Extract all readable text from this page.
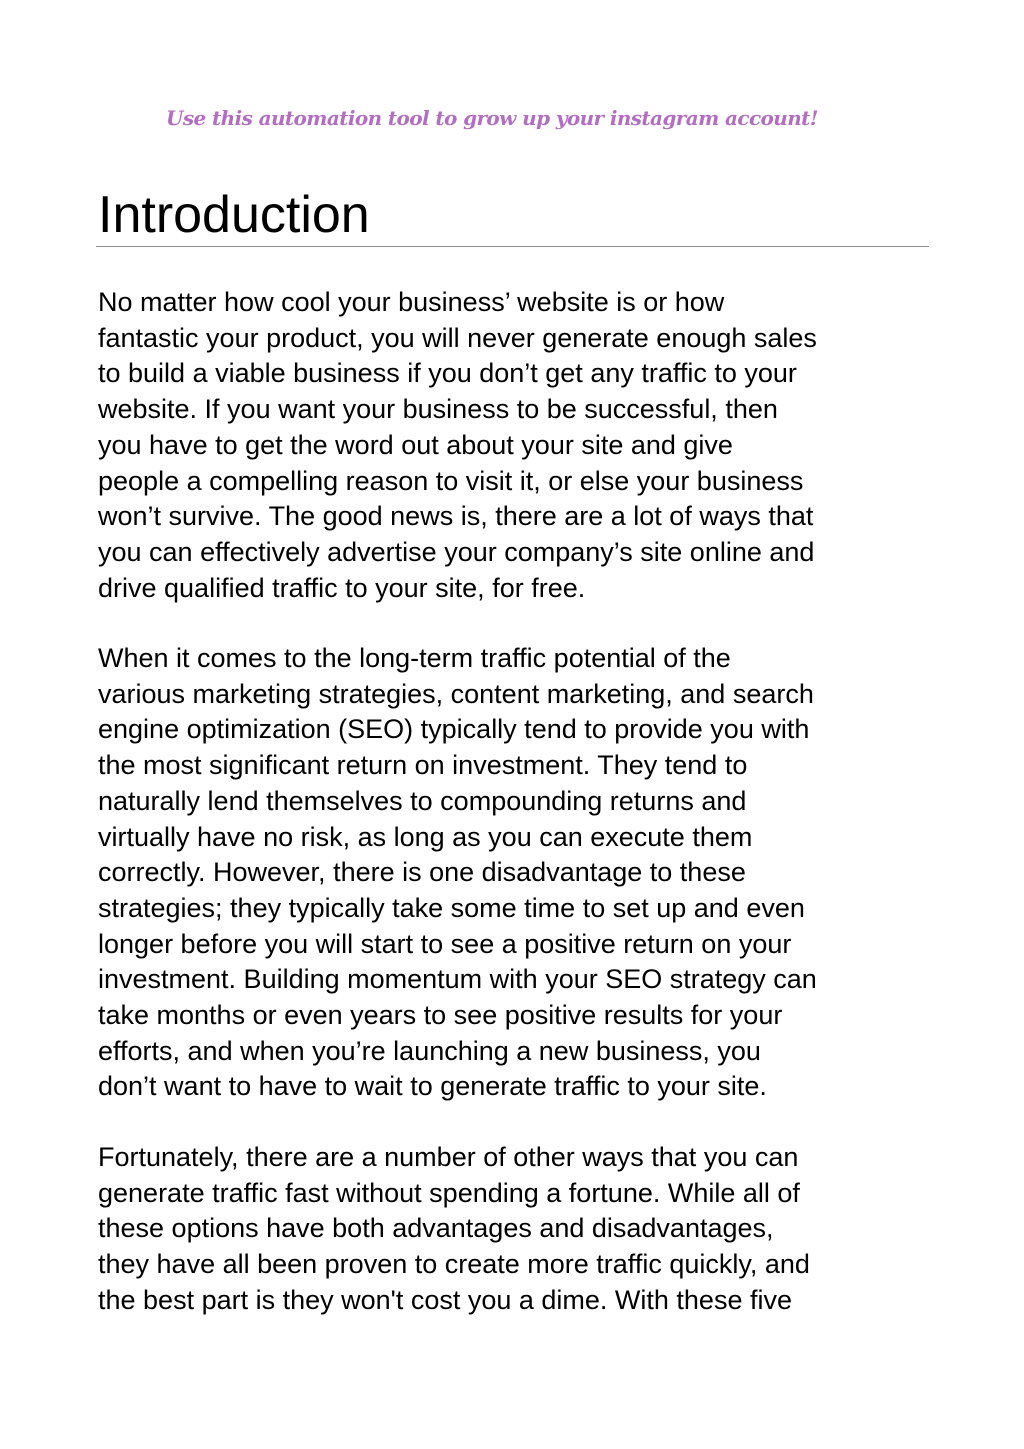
Use this automation tool to grow up your instagram account!
Introduction

No matter how cool your business’ website is or how
fantastic your product, you will never generate enough sales
to build a viable business if you don’t get any traffic to your
website. If you want your business to be successful, then
you have to get the word out about your site and give
people a compelling reason to visit it, or else your business
won’t survive. The good news is, there are a lot of ways that
you can effectively advertise your company’s site online and
drive qualified traffic to your site, for free.

When it comes to the long-term traffic potential of the
various marketing strategies, content marketing, and search
engine optimization (SEO) typically tend to provide you with
the most significant return on investment. They tend to
naturally lend themselves to compounding returns and
virtually have no risk, as long as you can execute them
correctly. However, there is one disadvantage to these
strategies; they typically take some time to set up and even
longer before you will start to see a positive return on your
investment. Building momentum with your SEO strategy can
take months or even years to see positive results for your
efforts, and when you’re launching a new business, you
don’t want to have to wait to generate traffic to your site.

Fortunately, there are a number of other ways that you can
generate traffic fast without spending a fortune. While all of
these options have both advantages and disadvantages,
they have all been proven to create more traffic quickly, and
the best part is they won't cost you a dime. With these five
